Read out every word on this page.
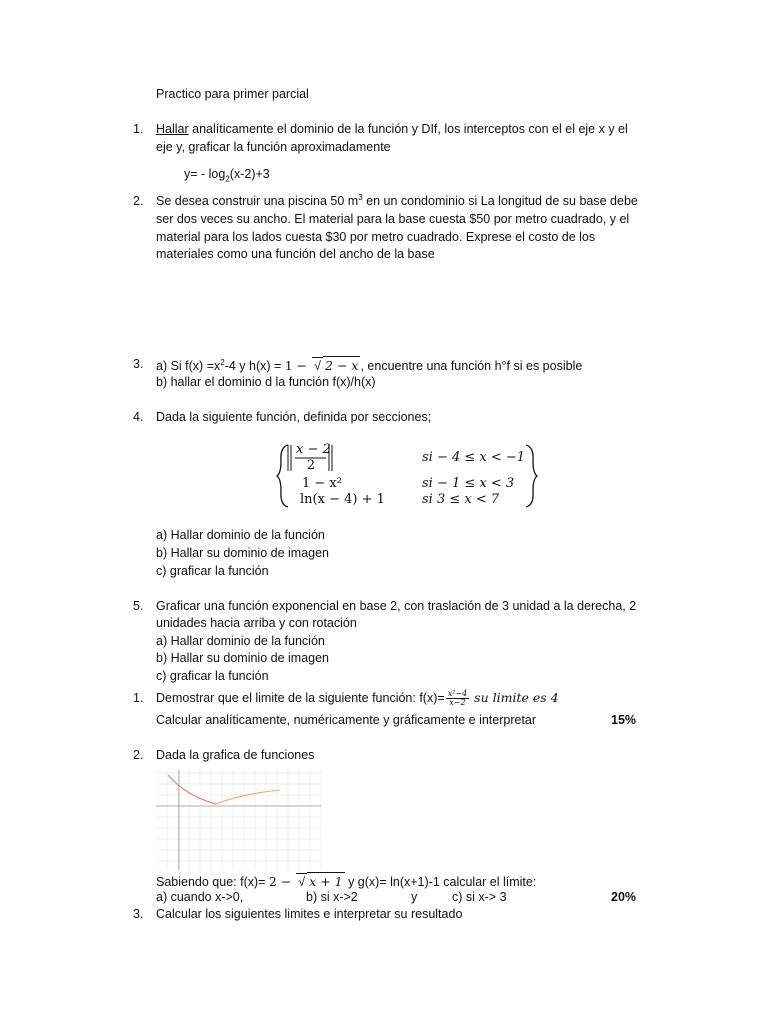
Practico para primer parcial
1. Hallar analíticamente el dominio de la función y DIf, los interceptos con el el eje x y el
eje y, graficar la función aproximadamente
$y= - \log_2(x-2)+3$
2. Se desea construir una piscina 50 $m^3$ en un condominio si La longitud de su base debe
ser dos veces su ancho. El material para la base cuesta $50 por metro cuadrado, y el
material para los lados cuesta $30 por metro cuadrado. Exprese el costo de los
materiales como una función del ancho de la base
3. a) Si $f(x) =x^2-4$ y h(x) = 1 − √ 2 − x , encuentre una función h°f si es posible
b) hallar el dominio d la función f(x)/h(x)
4. Dada la siguiente función, definida por secciones;
x − 2
2
si − 4 ≤ x < −1
1 − x²	si − 1 ≤ x < 3
ln(x − 4) + 1	si 3 ≤ x < 7
a) Hallar dominio de la función
b) Hallar su dominio de imagen
c) graficar la función
5. Graficar una función exponencial en base 2, con traslación de 3 unidad a la derecha, 2
unidades hacia arriba y con rotación
a) Hallar dominio de la función
b) Hallar su dominio de imagen
c) graficar la función
1. Demostrar que el limite de la siguiente función: $f(x)= \frac{\text{x²−4}}{x-2}$ su limite es 4
Calcular analíticamente, numéricamente y gráficamente e interpretar	15%
2. Dada la grafica de funciones
Sabiendo que: f(x)= 2 − √ x + 1 y g(x)= ln(x+1)-1 calcular el límite:
a) cuando x->0,	b) si x->2	y	c) si x-> 3	20%
3. Calcular los siguientes limites e interpretar su resultado
